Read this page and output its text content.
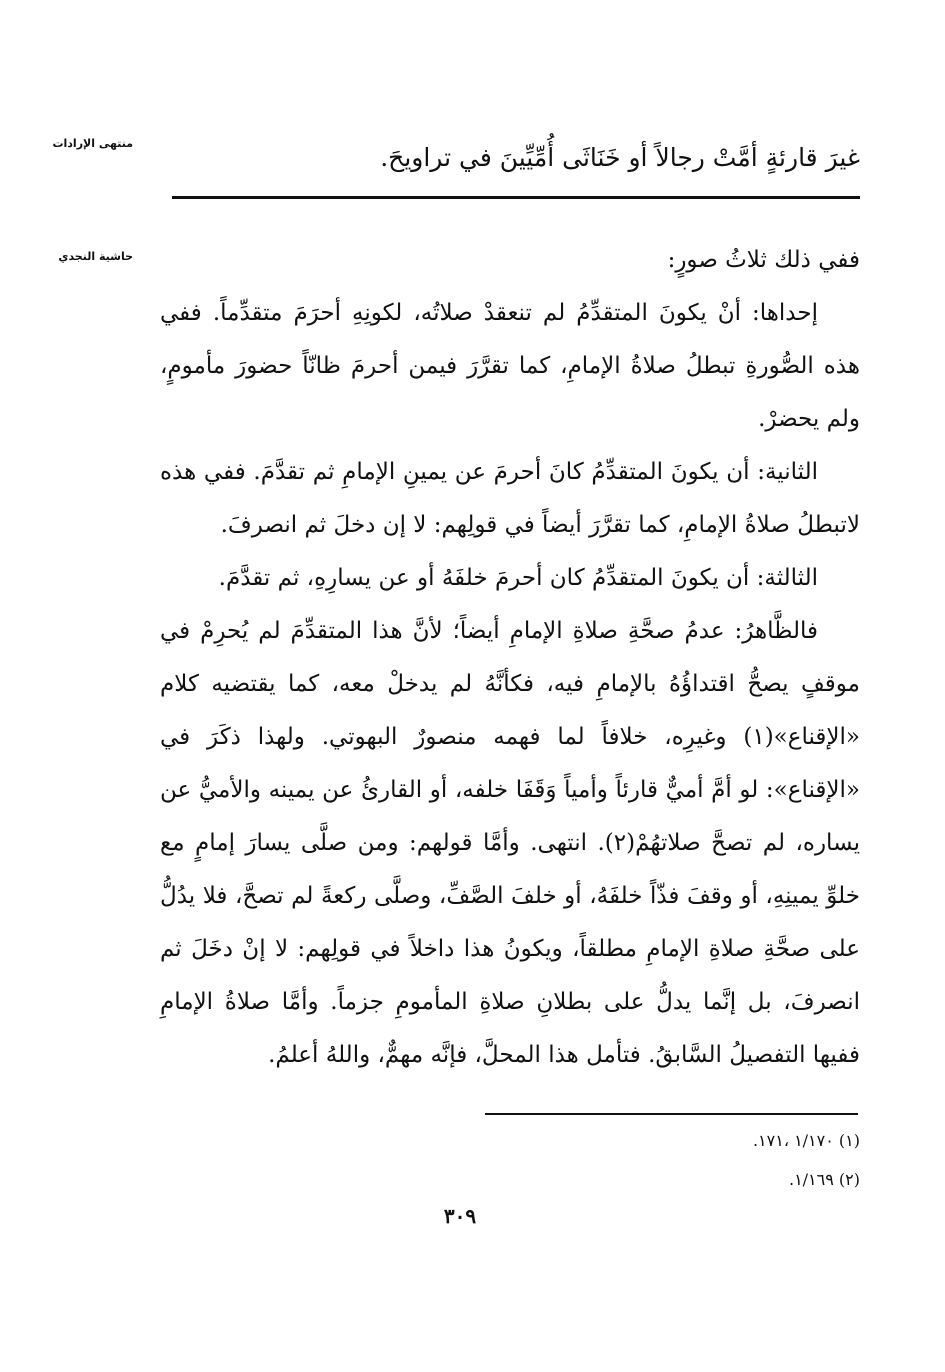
منتهى الإرادات
حاشية النجدي
غيرَ قارئةٍ أمَّتْ رجالاً أو خَنَاثَى أُمِّيِّينَ في تراويحَ.

ففي ذلك ثلاثُ صورٍ:

إحداها: أنْ يكونَ المتقدِّمُ لم تنعقدْ صلاتُه، لكونِهِ أحرَمَ متقدِّماً. ففي هذه الصُّورةِ تبطلُ صلاةُ الإمامِ، كما تقرَّرَ فيمن أحرمَ ظانّاً حضورَ مأمومٍ، ولم يحضرْ.

الثانية: أن يكونَ المتقدِّمُ كانَ أحرمَ عن يمينِ الإمامِ ثم تقدَّمَ. ففي هذه لاتبطلُ صلاةُ الإمامِ، كما تقرَّرَ أيضاً في قولِهم: لا إن دخلَ ثم انصرفَ.

الثالثة: أن يكونَ المتقدِّمُ كان أحرمَ خلفَهُ أو عن يسارِهِ، ثم تقدَّمَ.

فالظَّاهرُ: عدمُ صحَّةِ صلاةِ الإمامِ أيضاً؛ لأنَّ هذا المتقدِّمَ لم يُحرِمْ في موقفٍ يصحُّ اقتداؤُهُ بالإمامِ فيه، فكأنَّهُ لم يدخلْ معه، كما يقتضيه كلام «الإقناع»(١) وغيرِه، خلافاً لما فهمه منصورٌ البهوتي. ولهذا ذكَرَ في «الإقناع»: لو أمَّ أميٌّ قارئاً وأمياً وَقَفَا خلفه، أو القارئُ عن يمينه والأميُّ عن يساره، لم تصحَّ صلاتهُمْ(٢). انتهى. وأمَّا قولهم: ومن صلَّى يسارَ إمامٍ مع خلوِّ يمينِهِ، أو وقفَ فذّاً خلفَهُ، أو خلفَ الصَّفِّ، وصلَّى ركعةً لم تصحَّ، فلا يدُلُّ على صحَّةِ صلاةِ الإمامِ مطلقاً، ويكونُ هذا داخلاً في قولِهم: لا إنْ دخَلَ ثم انصرفَ، بل إنَّما يدلُّ على بطلانِ صلاةِ المأمومِ جزماً. وأمَّا صلاةُ الإمامِ ففيها التفصيلُ السَّابقُ. فتأمل هذا المحلَّ، فإنَّه مهمٌّ، واللهُ أعلمُ.

(١) ١/١٧٠ ،١٧١.
(٢) ١/١٦٩.
٣٠٩
